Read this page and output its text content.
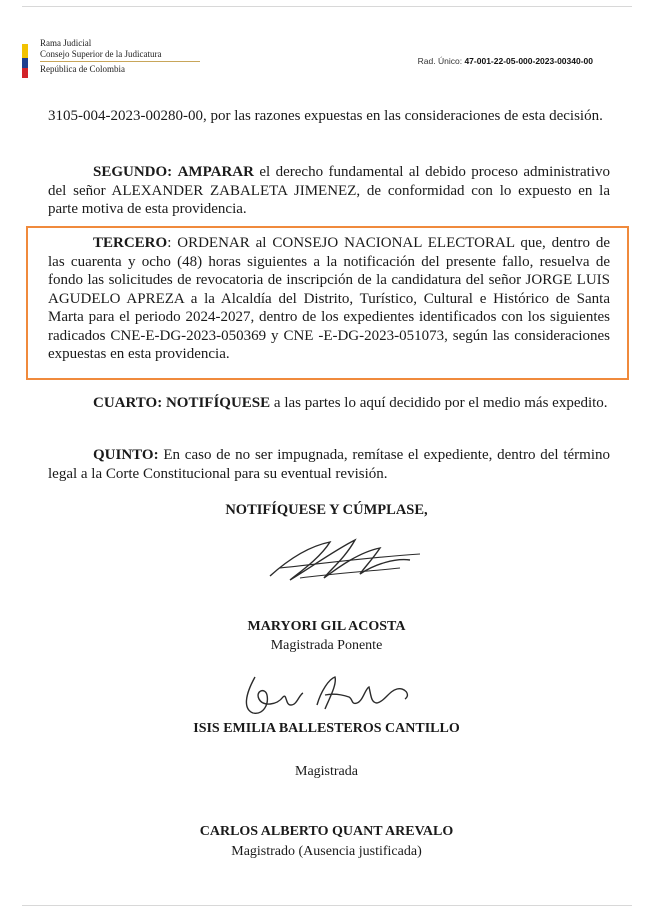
Rama Judicial
Consejo Superior de la Judicatura
República de Colombia
Rad. Único: 47-001-22-05-000-2023-00340-00
3105-004-2023-00280-00, por las razones expuestas en las consideraciones de esta decisión.
SEGUNDO: AMPARAR el derecho fundamental al debido proceso administrativo del señor ALEXANDER ZABALETA JIMENEZ, de conformidad con lo expuesto en la parte motiva de esta providencia.
TERCERO: ORDENAR al CONSEJO NACIONAL ELECTORAL que, dentro de las cuarenta y ocho (48) horas siguientes a la notificación del presente fallo, resuelva de fondo las solicitudes de revocatoria de inscripción de la candidatura del señor JORGE LUIS AGUDELO APREZA a la Alcaldía del Distrito, Turístico, Cultural e Histórico de Santa Marta para el periodo 2024-2027, dentro de los expedientes identificados con los siguientes radicados CNE-E-DG-2023-050369 y CNE -E-DG-2023-051073, según las consideraciones expuestas en esta providencia.
CUARTO: NOTIFÍQUESE a las partes lo aquí decidido por el medio más expedito.
QUINTO: En caso de no ser impugnada, remítase el expediente, dentro del término legal a la Corte Constitucional para su eventual revisión.
NOTIFÍQUESE Y CÚMPLASE,
MARYORI GIL ACOSTA
Magistrada Ponente
ISIS EMILIA BALLESTEROS CANTILLO
Magistrada
CARLOS ALBERTO QUANT AREVALO
Magistrado (Ausencia justificada)
